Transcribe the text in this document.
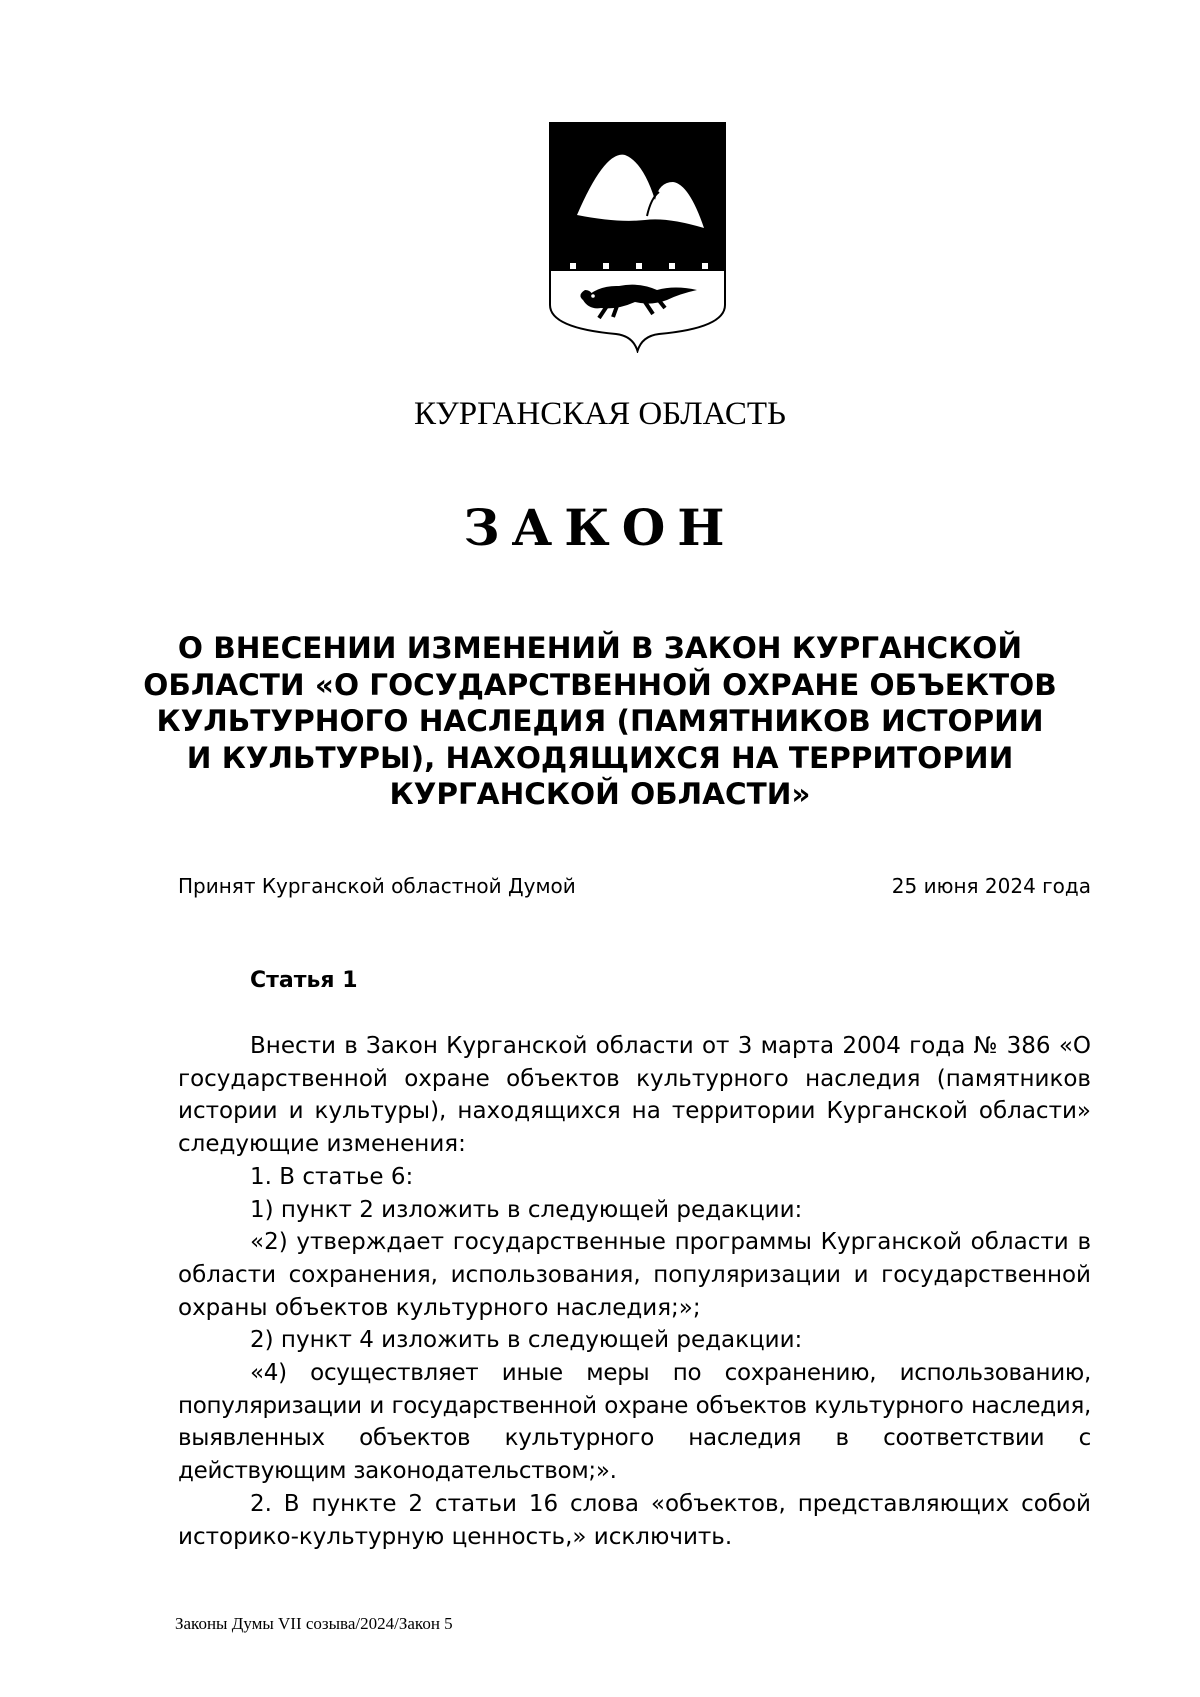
КУРГАНСКАЯ ОБЛАСТЬ
ЗАКОН
О ВНЕСЕНИИ ИЗМЕНЕНИЙ В ЗАКОН КУРГАНСКОЙ
ОБЛАСТИ «О ГОСУДАРСТВЕННОЙ ОХРАНЕ ОБЪЕКТОВ
КУЛЬТУРНОГО НАСЛЕДИЯ (ПАМЯТНИКОВ ИСТОРИИ
И КУЛЬТУРЫ), НАХОДЯЩИХСЯ НА ТЕРРИТОРИИ
КУРГАНСКОЙ ОБЛАСТИ»
Принят Курганской областной Думой	25 июня 2024 года
Статья 1

Внести в Закон Курганской области от 3 марта 2004 года № 386 «О государственной охране объектов культурного наследия (памятников истории и культуры), находящихся на территории Курганской области» следующие изменения:

1. В статье 6:

1) пункт 2 изложить в следующей редакции:

«2) утверждает государственные программы Курганской области в области сохранения, использования, популяризации и государственной охраны объектов культурного наследия;»;

2) пункт 4 изложить в следующей редакции:

«4) осуществляет иные меры по сохранению, использованию, популяризации и государственной охране объектов культурного наследия, выявленных объектов культурного наследия в соответствии с действующим законодательством;».

2. В пункте 2 статьи 16 слова «объектов, представляющих собой историко-культурную ценность,» исключить.

Законы Думы VII созыва/2024/Закон 5
